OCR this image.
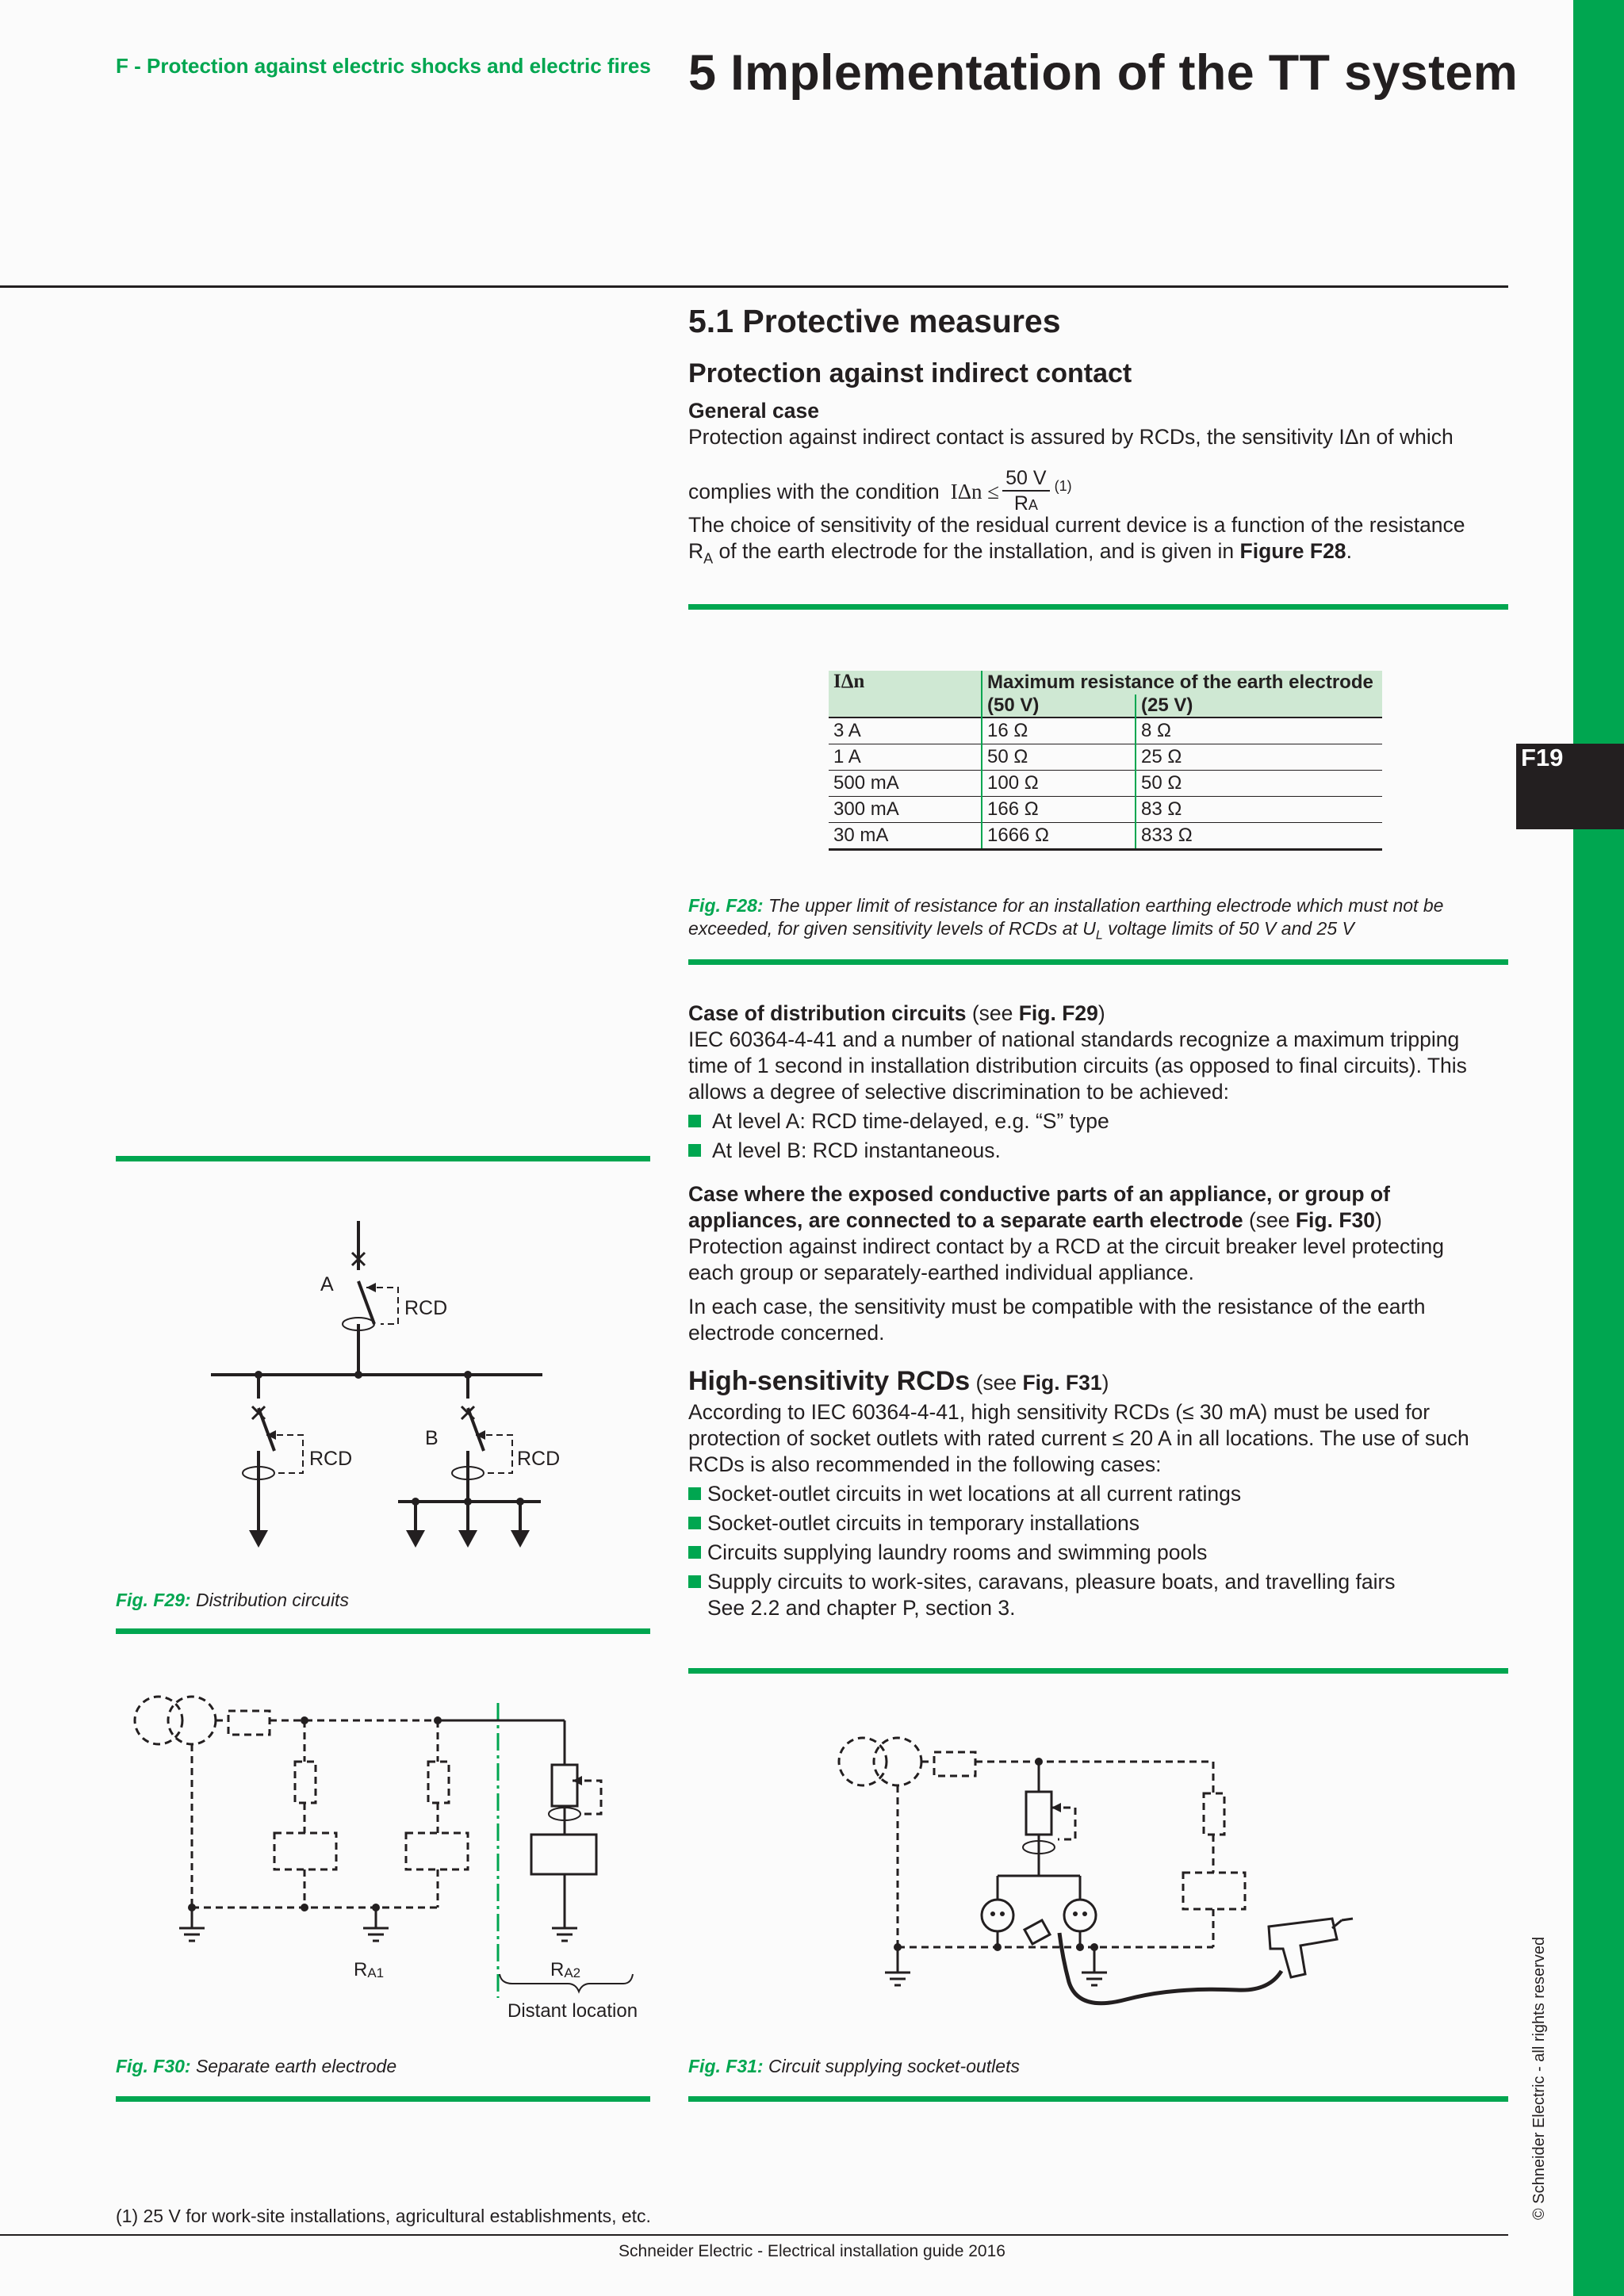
F19
© Schneider Electric - all rights reserved
F - Protection against electric shocks and electric fires 5 Implementation of the TT system
5.1 Protective measures
Protection against indirect contact

General case

Protection against indirect contact is assured by RCDs, the sensitivity IΔn of which

complies with the condition $I\Delta n \le \frac{50 V}{RA} (1)$

The choice of sensitivity of the residual current device is a function of the resistance

$R_A$ of the earth electrode for the installation, and is given in Figure F28.

IΔn	Maximum resistance of the earth electrode	
	(50 V)	(25 V)
3 A	16 Ω	8 Ω
1 A	50 Ω	25 Ω
500 mA	100 Ω	50 Ω
300 mA	166 Ω	83 Ω
30 mA	1666 Ω	833 Ω
Fig. F28: The upper limit of resistance for an installation earthing electrode which must not be
exceeded, for given sensitivity levels of RCDs at $U_L$ voltage limits of 50 V and 25 V

Case of distribution circuits (see Fig. F29)

IEC 60364-4-41 and a number of national standards recognize a maximum tripping

time of 1 second in installation distribution circuits (as opposed to final circuits). This

allows a degree of selective discrimination to be achieved:

At level A: RCD time-delayed, e.g. “S” type

At level B: RCD instantaneous.

Case where the exposed conductive parts of an appliance, or group of

appliances, are connected to a separate earth electrode (see Fig. F30)

Protection against indirect contact by a RCD at the circuit breaker level protecting

each group or separately-earthed individual appliance.

In each case, the sensitivity must be compatible with the resistance of the earth

electrode concerned.

High-sensitivity RCDs (see Fig. F31)

According to IEC 60364-4-41, high sensitivity RCDs (≤ 30 mA) must be used for

protection of socket outlets with rated current ≤ 20 A in all locations. The use of such

RCDs is also recommended in the following cases:

Socket-outlet circuits in wet locations at all current ratings

Socket-outlet circuits in temporary installations

Circuits supplying laundry rooms and swimming pools

Supply circuits to work-sites, caravans, pleasure boats, and travelling fairs

See 2.2 and chapter P, section 3.

A
RCD
RCD
B
RCD
Fig. F29: Distribution circuits
RA1	RA2
Distant location
Fig. F30: Separate earth electrode	Fig. F31: Circuit supplying socket-outlets
(1) 25 V for work-site installations, agricultural establishments, etc.
Schneider Electric - Electrical installation guide 2016
